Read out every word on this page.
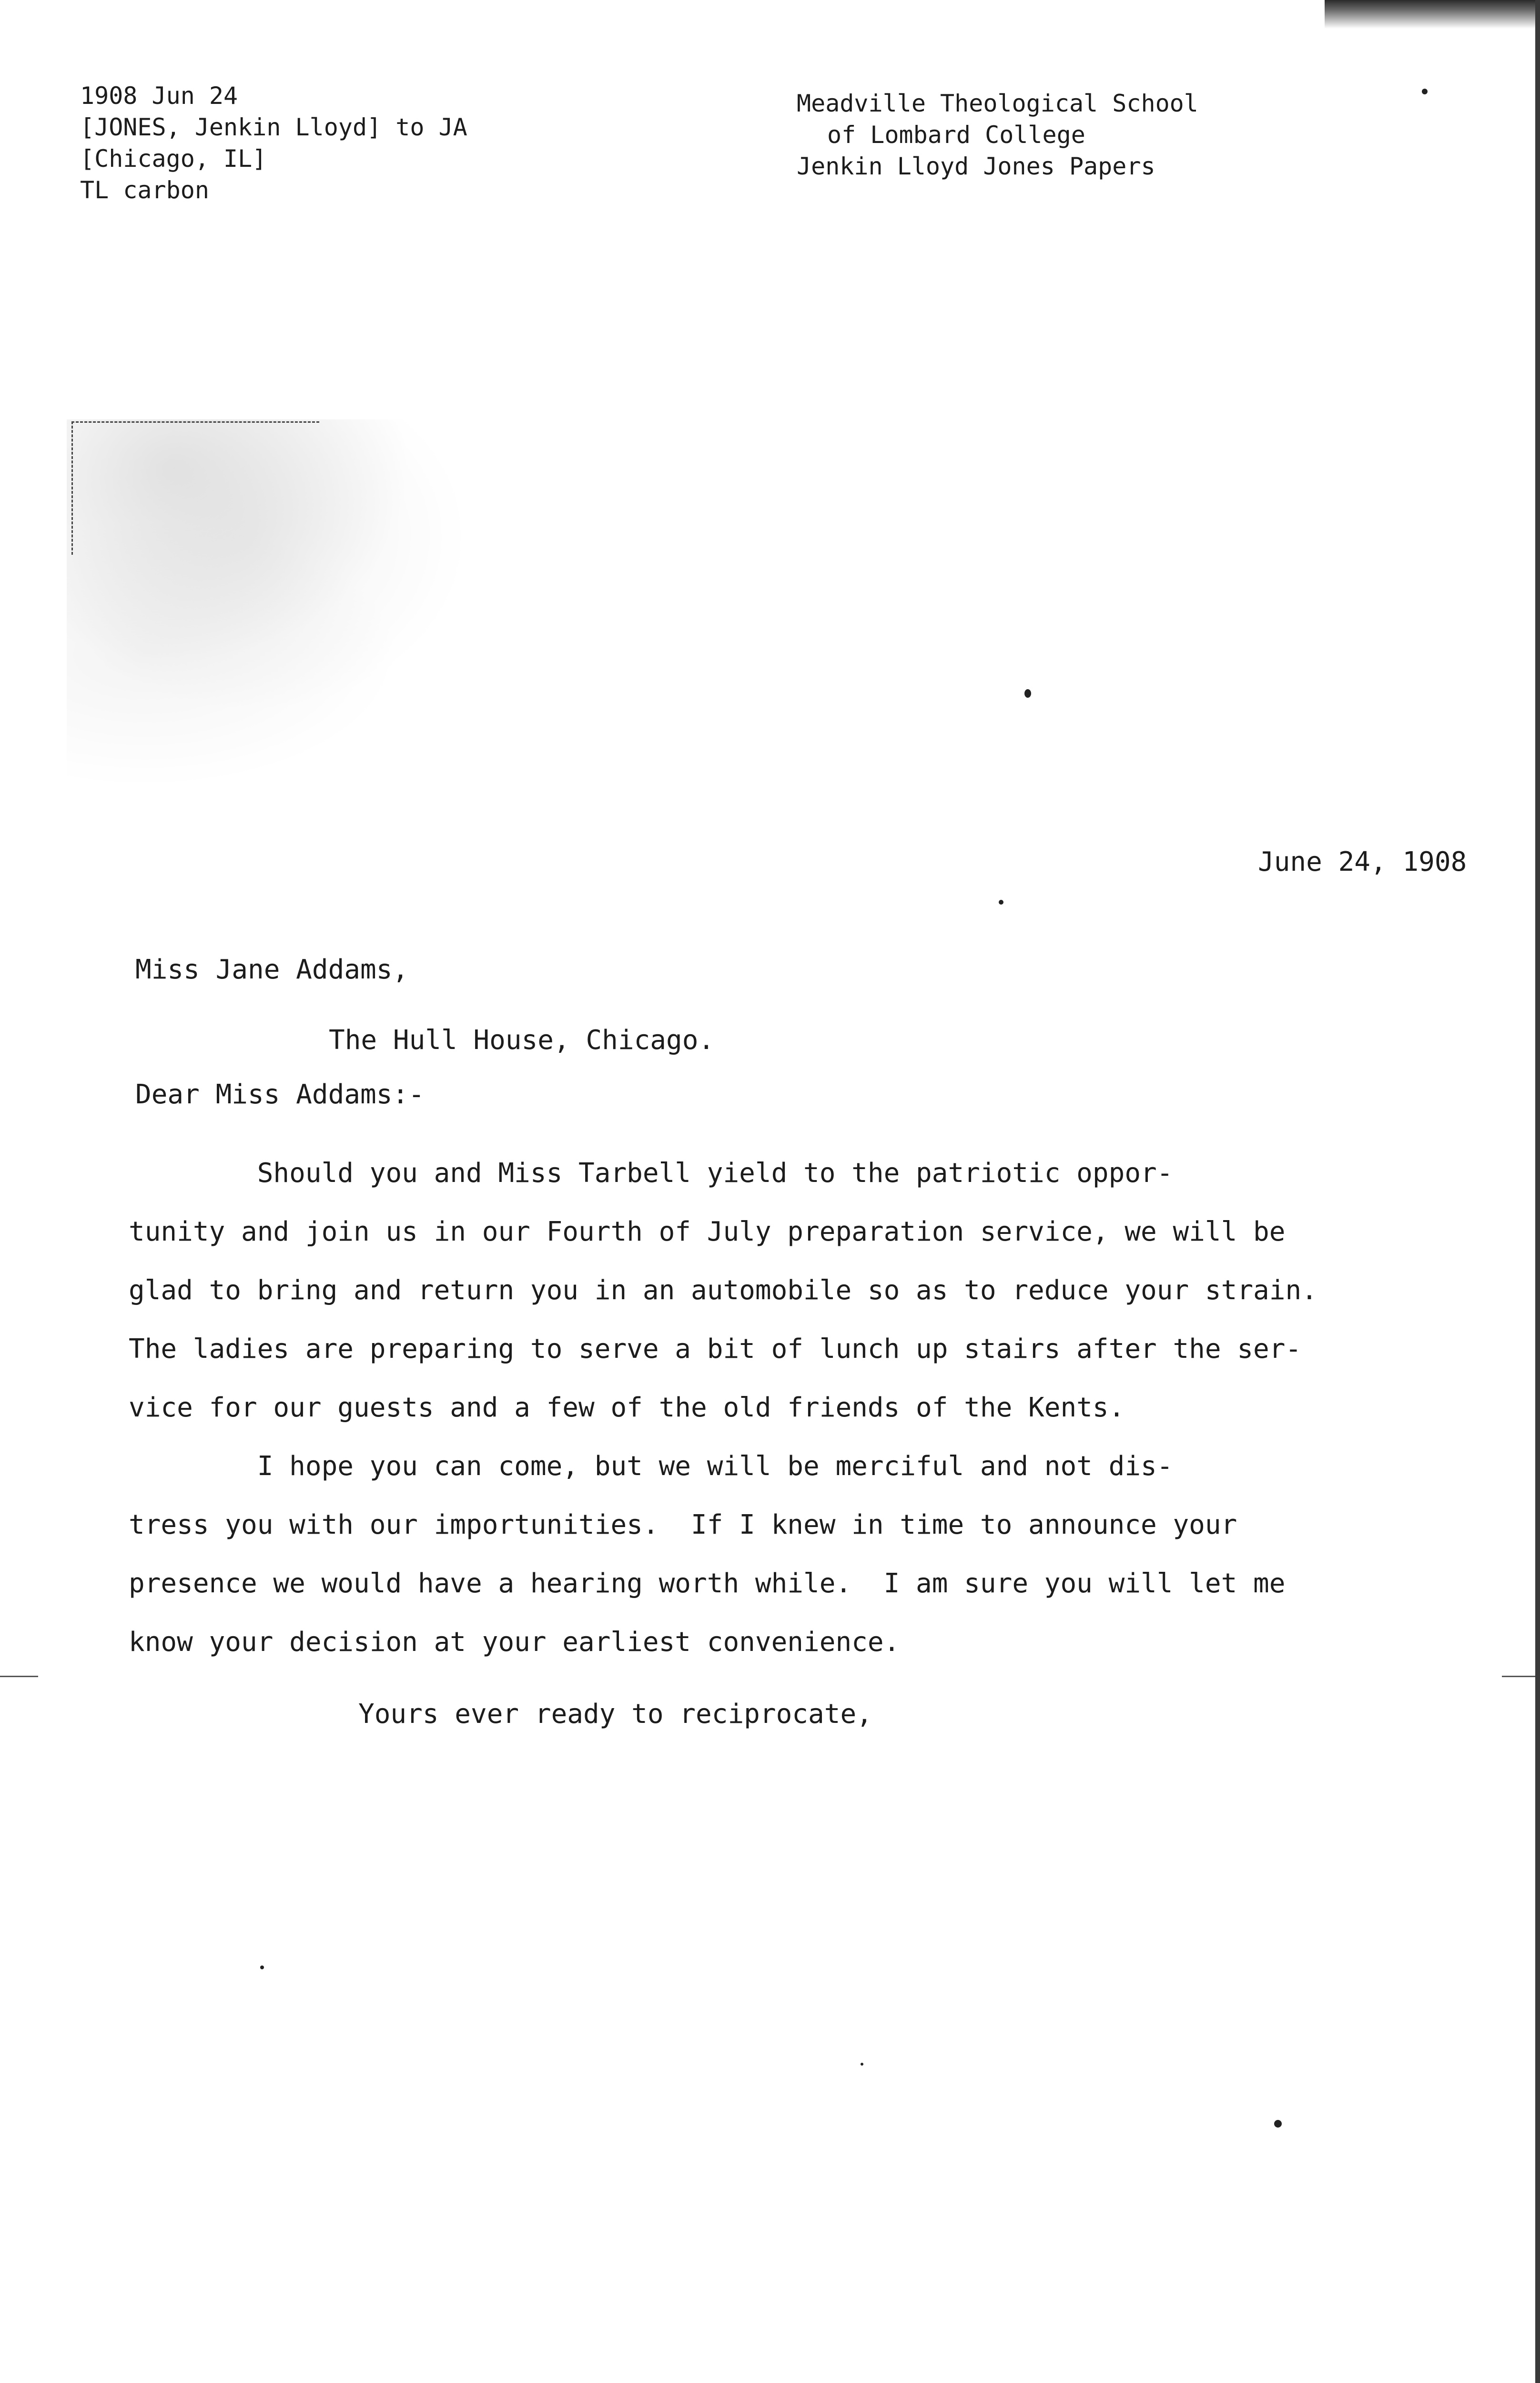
1908 Jun 24
[JONES, Jenkin Lloyd] to JA
[Chicago, IL]
TL carbon
Meadville Theological School
of Lombard College
Jenkin Lloyd Jones Papers
June 24, 1908
Miss Jane Addams,
The Hull House, Chicago.
Dear Miss Addams:-
Should you and Miss Tarbell yield to the patriotic oppor-
tunity and join us in our Fourth of July preparation service, we will be
glad to bring and return you in an automobile so as to reduce your strain.
The ladies are preparing to serve a bit of lunch up stairs after the ser-
vice for our guests and a few of the old friends of the Kents.
I hope you can come, but we will be merciful and not dis-
tress you with our importunities.  If I knew in time to announce your
presence we would have a hearing worth while.  I am sure you will let me
know your decision at your earliest convenience.
Yours ever ready to reciprocate,
